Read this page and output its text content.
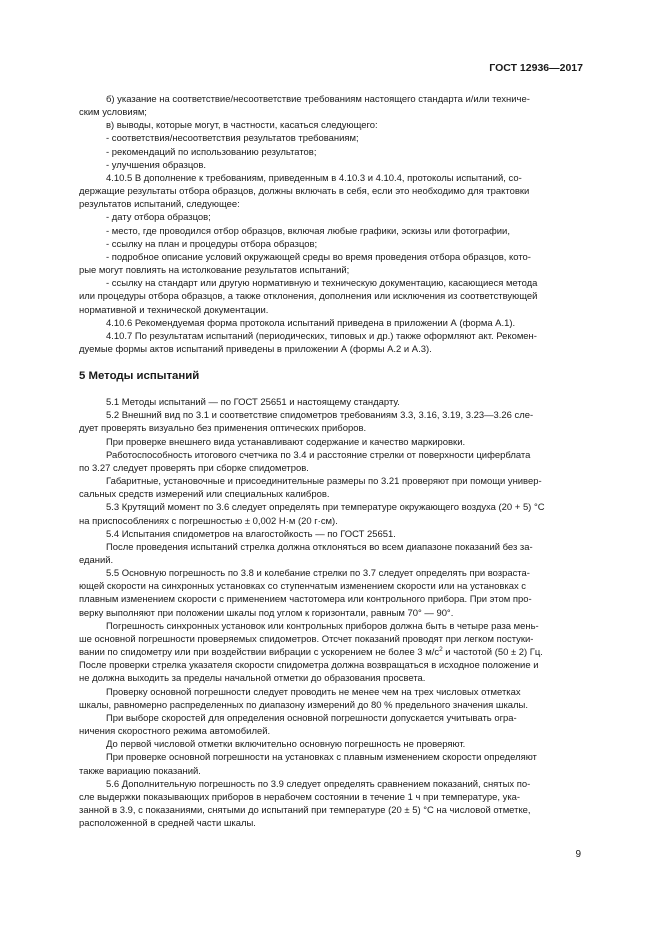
ГОСТ 12936—2017

б) указание на соответствие/несоответствие требованиям настоящего стандарта и/или техниче-

ским условиям;

в) выводы, которые могут, в частности, касаться следующего:

- соответствия/несоответствия результатов требованиям;

- рекомендаций по использованию результатов;

- улучшения образцов.

4.10.5 В дополнение к требованиям, приведенным в 4.10.3 и 4.10.4, протоколы испытаний, со-

держащие результаты отбора образцов, должны включать в себя, если это необходимо для трактовки

результатов испытаний, следующее:

- дату отбора образцов;

- место, где проводился отбор образцов, включая любые графики, эскизы или фотографии,

- ссылку на план и процедуры отбора образцов;

- подробное описание условий окружающей среды во время проведения отбора образцов, кото-

рые могут повлиять на истолкование результатов испытаний;

- ссылку на стандарт или другую нормативную и техническую документацию, касающиеся метода

или процедуры отбора образцов, а также отклонения, дополнения или исключения из соответствующей

нормативной и технической документации.

4.10.6 Рекомендуемая форма протокола испытаний приведена в приложении А (форма А.1).

4.10.7 По результатам испытаний (периодических, типовых и др.) также оформляют акт. Рекомен-

дуемые формы актов испытаний приведены в приложении А (формы А.2 и А.3).

5 Методы испытаний

5.1 Методы испытаний — по ГОСТ 25651 и настоящему стандарту.

5.2 Внешний вид по 3.1 и соответствие спидометров требованиям 3.3, 3.16, 3.19, 3.23—3.26 сле-

дует проверять визуально без применения оптических приборов.

При проверке внешнего вида устанавливают содержание и качество маркировки.

Работоспособность итогового счетчика по 3.4 и расстояние стрелки от поверхности циферблата

по 3.27 следует проверять при сборке спидометров.

Габаритные, установочные и присоединительные размеры по 3.21 проверяют при помощи универ-

сальных средств измерений или специальных калибров.

5.3 Крутящий момент по 3.6 следует определять при температуре окружающего воздуха (20 + 5) °С

на приспособлениях с погрешностью ± 0,002 Н·м (20 г·см).

5.4 Испытания спидометров на влагостойкость — по ГОСТ 25651.

После проведения испытаний стрелка должна отклоняться во всем диапазоне показаний без за-

еданий.

5.5 Основную погрешность по 3.8 и колебание стрелки по 3.7 следует определять при возраста-

ющей скорости на синхронных установках со ступенчатым изменением скорости или на установках с

плавным изменением скорости с применением частотомера или контрольного прибора. При этом про-

верку выполняют при положении шкалы под углом к горизонтали, равным 70° — 90°.

Погрешность синхронных установок или контрольных приборов должна быть в четыре раза мень-

ше основной погрешности проверяемых спидометров. Отсчет показаний проводят при легком постуки-

вании по спидометру или при воздействии вибрации с ускорением не более 3 $м/с^2$ и частотой (50 ± 2) Гц.

После проверки стрелка указателя скорости спидометра должна возвращаться в исходное положение и

не должна выходить за пределы начальной отметки до образования просвета.

Проверку основной погрешности следует проводить не менее чем на трех числовых отметках

шкалы, равномерно распределенных по диапазону измерений до 80 % предельного значения шкалы.

При выборе скоростей для определения основной погрешности допускается учитывать огра-

ничения скоростного режима автомобилей.

До первой числовой отметки включительно основную погрешность не проверяют.

При проверке основной погрешности на установках с плавным изменением скорости определяют

также вариацию показаний.

5.6 Дополнительную погрешность по 3.9 следует определять сравнением показаний, снятых по-

сле выдержки показывающих приборов в нерабочем состоянии в течение 1 ч при температуре, ука-

занной в 3.9, с показаниями, снятыми до испытаний при температуре (20 ± 5) °С на числовой отметке,

расположенной в средней части шкалы.

9
